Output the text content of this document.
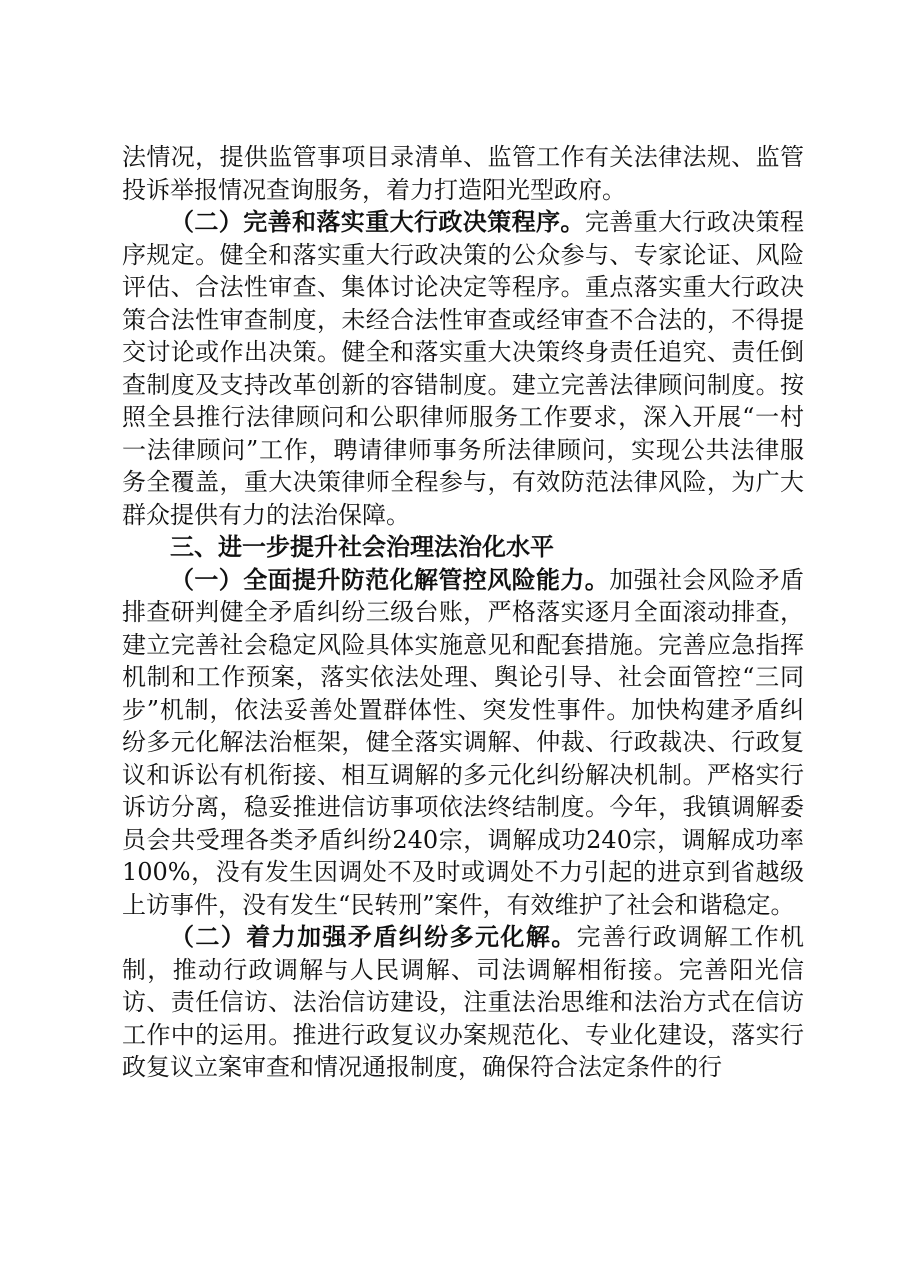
法情况，提供监管事项目录清单、监管工作有关法律法规、监管投诉举报情况查询服务，着力打造阳光型政府。

（二）完善和落实重大行政决策程序。完善重大行政决策程序规定。健全和落实重大行政决策的公众参与、专家论证、风险评估、合法性审查、集体讨论决定等程序。重点落实重大行政决策合法性审查制度，未经合法性审查或经审查不合法的，不得提交讨论或作出决策。健全和落实重大决策终身责任追究、责任倒查制度及支持改革创新的容错制度。建立完善法律顾问制度。按照全县推行法律顾问和公职律师服务工作要求，深入开展“一村一法律顾问”工作，聘请律师事务所法律顾问，实现公共法律服务全覆盖，重大决策律师全程参与，有效防范法律风险，为广大群众提供有力的法治保障。

三、进一步提升社会治理法治化水平

（一）全面提升防范化解管控风险能力。加强社会风险矛盾排查研判健全矛盾纠纷三级台账，严格落实逐月全面滚动排查，建立完善社会稳定风险具体实施意见和配套措施。完善应急指挥机制和工作预案，落实依法处理、舆论引导、社会面管控“三同步”机制，依法妥善处置群体性、突发性事件。加快构建矛盾纠纷多元化解法治框架，健全落实调解、仲裁、行政裁决、行政复议和诉讼有机衔接、相互调解的多元化纠纷解决机制。严格实行诉访分离，稳妥推进信访事项依法终结制度。今年，我镇调解委员会共受理各类矛盾纠纷240宗，调解成功240宗，调解成功率100%，没有发生因调处不及时或调处不力引起的进京到省越级上访事件，没有发生“民转刑”案件，有效维护了社会和谐稳定。

（二）着力加强矛盾纠纷多元化解。完善行政调解工作机制，推动行政调解与人民调解、司法调解相衔接。完善阳光信访、责任信访、法治信访建设，注重法治思维和法治方式在信访工作中的运用。推进行政复议办案规范化、专业化建设，落实行政复议立案审查和情况通报制度，确保符合法定条件的行
